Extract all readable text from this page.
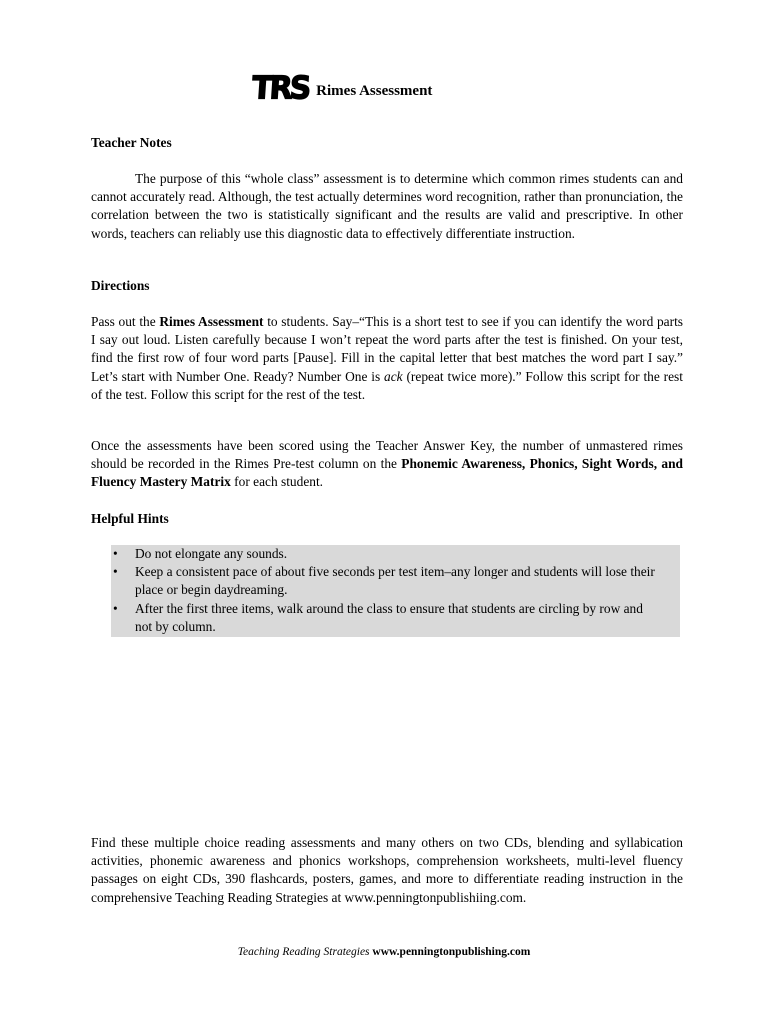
TRS Rimes Assessment
Teacher Notes
The purpose of this “whole class” assessment is to determine which common rimes students can and cannot accurately read. Although, the test actually determines word recognition, rather than pronunciation, the correlation between the two is statistically significant and the results are valid and prescriptive. In other words, teachers can reliably use this diagnostic data to effectively differentiate instruction.
Directions
Pass out the Rimes Assessment to students. Say–“This is a short test to see if you can identify the word parts I say out loud. Listen carefully because I won’t repeat the word parts after the test is finished. On your test, find the first row of four word parts [Pause]. Fill in the capital letter that best matches the word part I say.” Let’s start with Number One. Ready? Number One is ack (repeat twice more).” Follow this script for the rest of the test. Follow this script for the rest of the test.
Once the assessments have been scored using the Teacher Answer Key, the number of unmastered rimes should be recorded in the Rimes Pre-test column on the Phonemic Awareness, Phonics, Sight Words, and Fluency Mastery Matrix for each student.
Helpful Hints
• Do not elongate any sounds.
• Keep a consistent pace of about five seconds per test item–any longer and students will lose their place or begin daydreaming.
• After the first three items, walk around the class to ensure that students are circling by row and not by column.
Find these multiple choice reading assessments and many others on two CDs, blending and syllabication activities, phonemic awareness and phonics workshops, comprehension worksheets, multi-level fluency passages on eight CDs, 390 flashcards, posters, games, and more to differentiate reading instruction in the comprehensive Teaching Reading Strategies at www.penningtonpublishiing.com.
Teaching Reading Strategies www.penningtonpublishing.com
